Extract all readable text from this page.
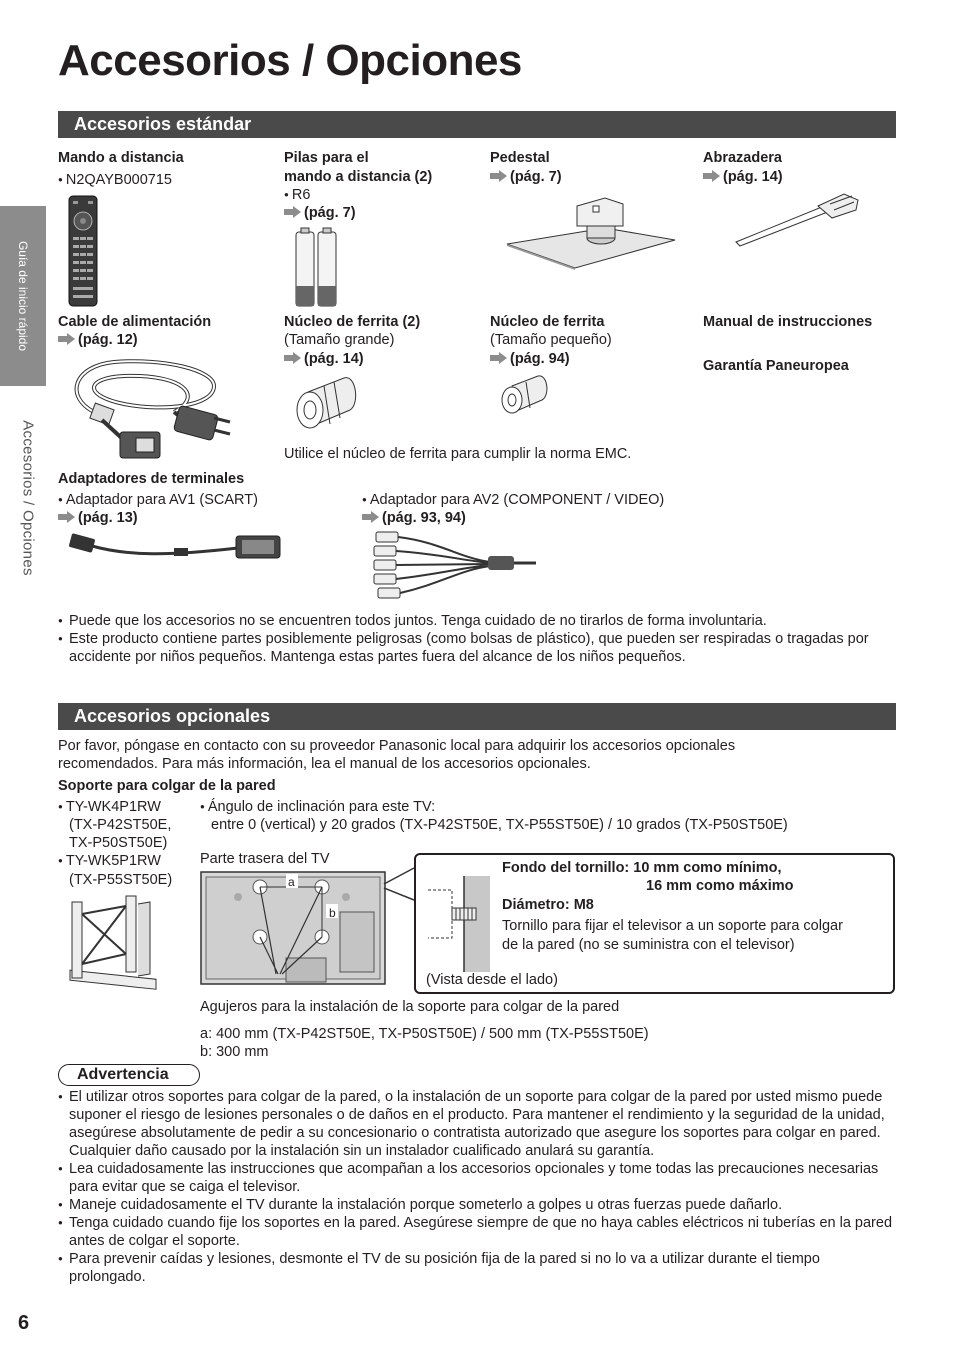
Guía de inicio rápido
Accesorios / Opciones
Accesorios / Opciones
Accesorios estándar
Mando a distancia
● N2QAYB000715
Pilas para el
mando a distancia (2)
● R6
(pág. 7)
Pedestal
(pág. 7)
Abrazadera
(pág. 14)
Cable de alimentación
(pág. 12)
Núcleo de ferrita (2)
(Tamaño grande)
(pág. 14)
Núcleo de ferrita
(Tamaño pequeño)
(pág. 94)
Manual de instrucciones
Garantía Paneuropea
Utilice el núcleo de ferrita para cumplir la norma EMC.
Adaptadores de terminales
● Adaptador para AV1 (SCART)
(pág. 13)
● Adaptador para AV2 (COMPONENT / VIDEO)
(pág. 93, 94)
● Puede que los accesorios no se encuentren todos juntos. Tenga cuidado de no tirarlos de forma involuntaria.
● Este producto contiene partes posiblemente peligrosas (como bolsas de plástico), que pueden ser respiradas o tragadas por accidente por niños pequeños. Mantenga estas partes fuera del alcance de los niños pequeños.
Accesorios opcionales
Por favor, póngase en contacto con su proveedor Panasonic local para adquirir los accesorios opcionales recomendados. Para más información, lea el manual de los accesorios opcionales.
Soporte para colgar de la pared
● TY-WK4P1RW
(TX-P42ST50E,
TX-P50ST50E)
● TY-WK5P1RW
(TX-P55ST50E)
● Ángulo de inclinación para este TV:
entre 0 (vertical) y 20 grados (TX-P42ST50E, TX-P55ST50E) / 10 grados (TX-P50ST50E)
Parte trasera del TV
a
b
Fondo del tornillo: 10 mm como mínimo,
16 mm como máximo
Diámetro: M8
Tornillo para fijar el televisor a un soporte para colgar
de la pared (no se suministra con el televisor)
(Vista desde el lado)
Agujeros para la instalación de la soporte para colgar de la pared
a: 400 mm (TX-P42ST50E, TX-P50ST50E) / 500 mm (TX-P55ST50E)
b: 300 mm
Advertencia
● El utilizar otros soportes para colgar de la pared, o la instalación de un soporte para colgar de la pared por usted mismo puede suponer el riesgo de lesiones personales o de daños en el producto. Para mantener el rendimiento y la seguridad de la unidad, asegúrese absolutamente de pedir a su concesionario o contratista autorizado que asegure los soportes para colgar en pared. Cualquier daño causado por la instalación sin un instalador cualificado anulará su garantía.
● Lea cuidadosamente las instrucciones que acompañan a los accesorios opcionales y tome todas las precauciones necesarias para evitar que se caiga el televisor.
● Maneje cuidadosamente el TV durante la instalación porque someterlo a golpes u otras fuerzas puede dañarlo.
● Tenga cuidado cuando fije los soportes en la pared. Asegúrese siempre de que no haya cables eléctricos ni tuberías en la pared antes de colgar el soporte.
● Para prevenir caídas y lesiones, desmonte el TV de su posición fija de la pared si no lo va a utilizar durante el tiempo prolongado.
6
